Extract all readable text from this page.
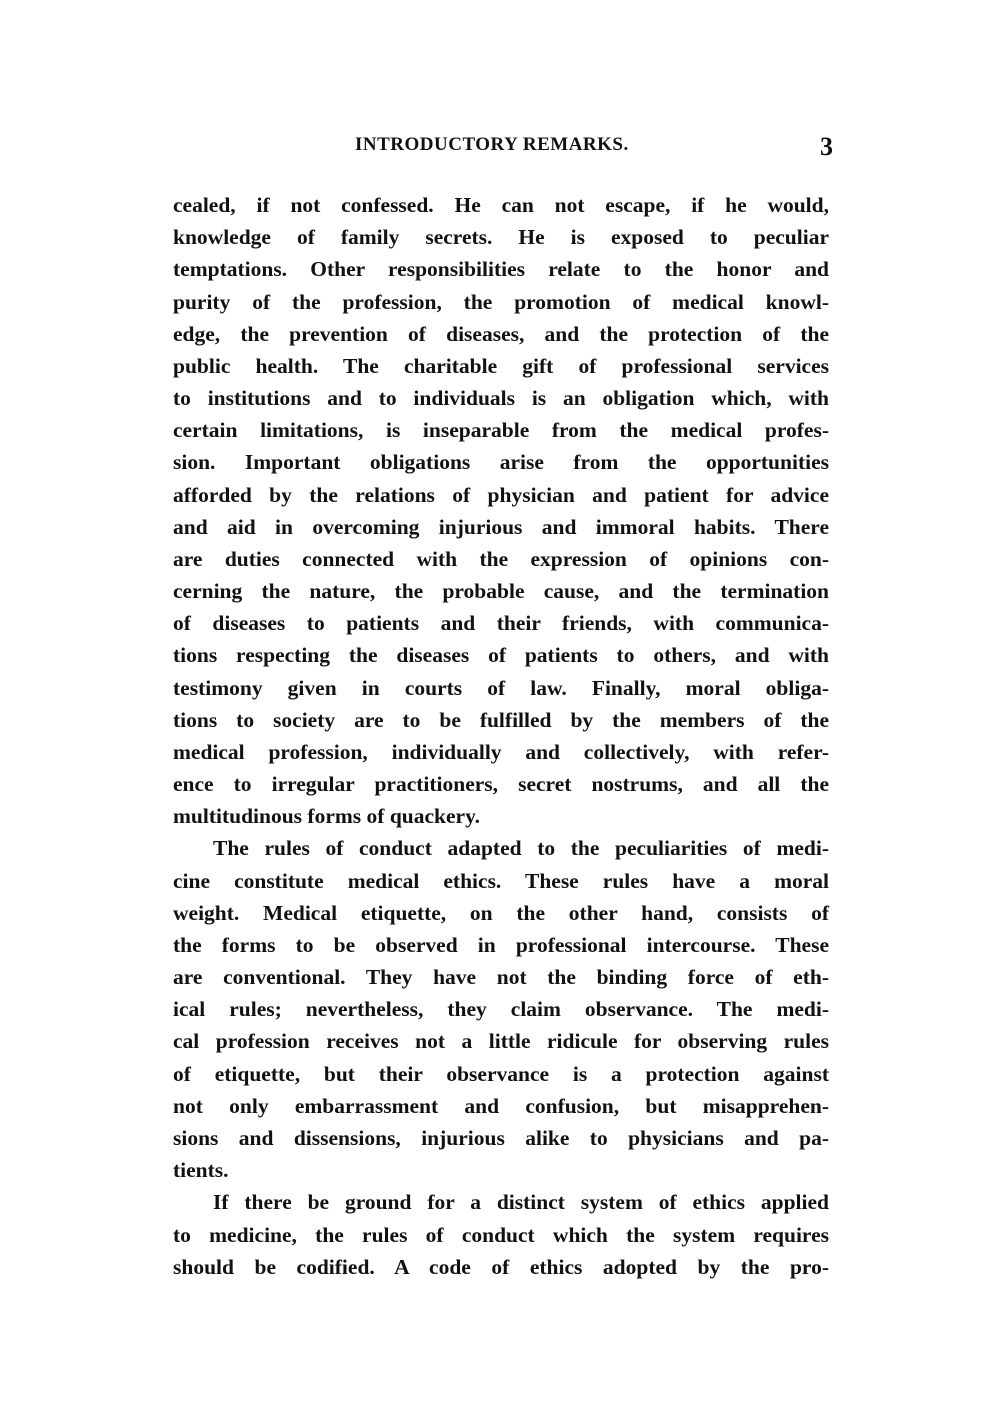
INTRODUCTORY REMARKS.	3
cealed, if not confessed. He can not escape, if he would,
knowledge of family secrets. He is exposed to peculiar
temptations. Other responsibilities relate to the honor and
purity of the profession, the promotion of medical knowl-
edge, the prevention of diseases, and the protection of the
public health. The charitable gift of professional services
to institutions and to individuals is an obligation which, with
certain limitations, is inseparable from the medical profes-
sion. Important obligations arise from the opportunities
afforded by the relations of physician and patient for advice
and aid in overcoming injurious and immoral habits. There
are duties connected with the expression of opinions con-
cerning the nature, the probable cause, and the termination
of diseases to patients and their friends, with communica-
tions respecting the diseases of patients to others, and with
testimony given in courts of law. Finally, moral obliga-
tions to society are to be fulfilled by the members of the
medical profession, individually and collectively, with refer-
ence to irregular practitioners, secret nostrums, and all the
multitudinous forms of quackery.
The rules of conduct adapted to the peculiarities of medi-
cine constitute medical ethics. These rules have a moral
weight. Medical etiquette, on the other hand, consists of
the forms to be observed in professional intercourse. These
are conventional. They have not the binding force of eth-
ical rules; nevertheless, they claim observance. The medi-
cal profession receives not a little ridicule for observing rules
of etiquette, but their observance is a protection against
not only embarrassment and confusion, but misapprehen-
sions and dissensions, injurious alike to physicians and pa-
tients.
If there be ground for a distinct system of ethics applied
to medicine, the rules of conduct which the system requires
should be codified. A code of ethics adopted by the pro-
